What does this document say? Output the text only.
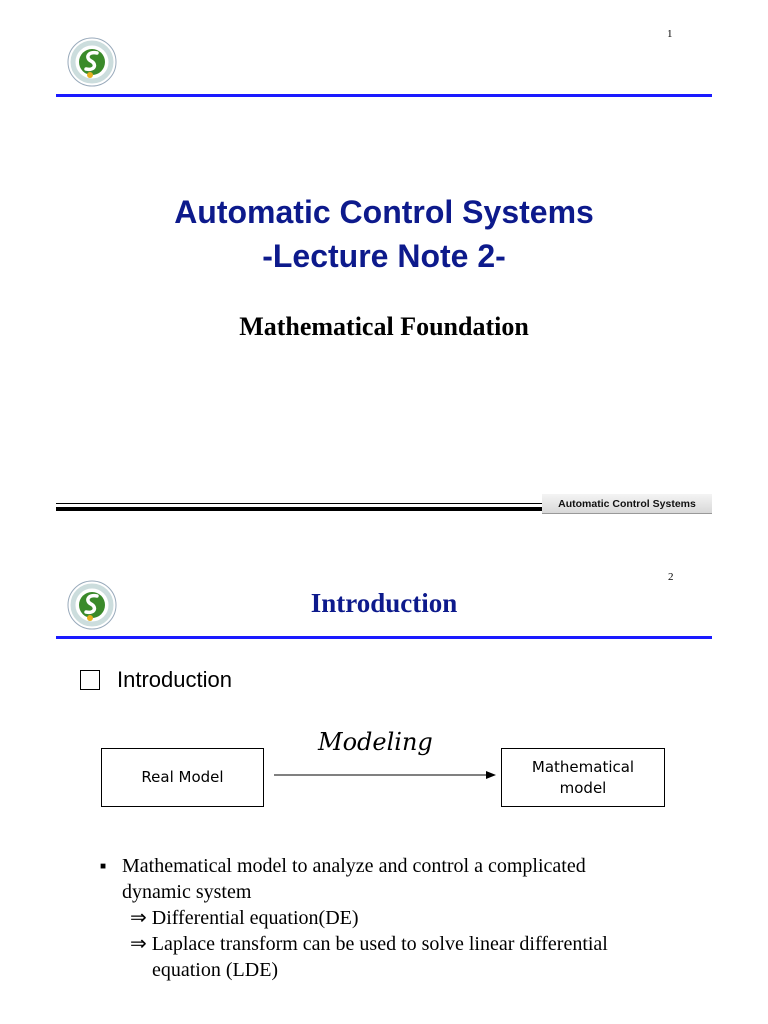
1
Automatic Control Systems
-Lecture Note 2-
Mathematical Foundation
Automatic Control Systems
2
Introduction
Introduction
Real Model
Modeling
Mathematical
model
■ Mathematical model to analyze and control a complicated
dynamic system
⇒ Differential equation(DE)
⇒ Laplace transform can be used to solve linear differential
equation (LDE)
